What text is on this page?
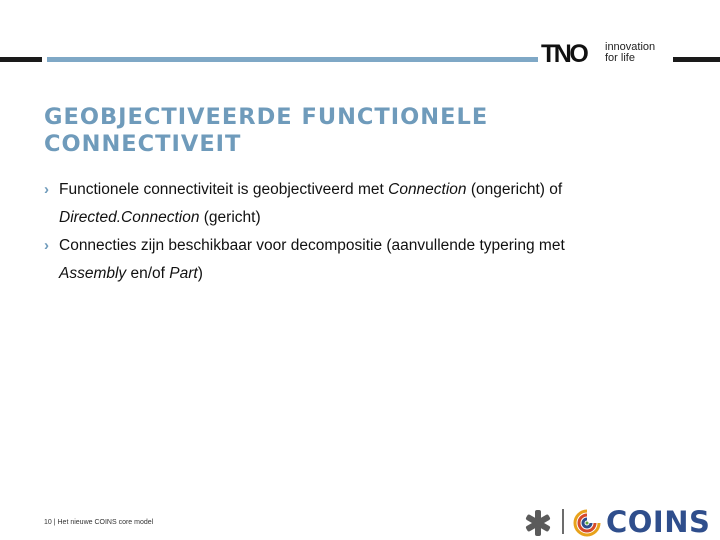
TNO innovation
for life
GEOBJECTIVEERDE FUNCTIONELE
CONNECTIVEIT
› Functionele connectiviteit is geobjectiveerd met Connection (ongericht) of
Directed.Connection (gericht)
› Connecties zijn beschikbaar voor decompositie (aanvullende typering met
Assembly en/of Part)
10 | Het nieuwe COINS core model	COINS
